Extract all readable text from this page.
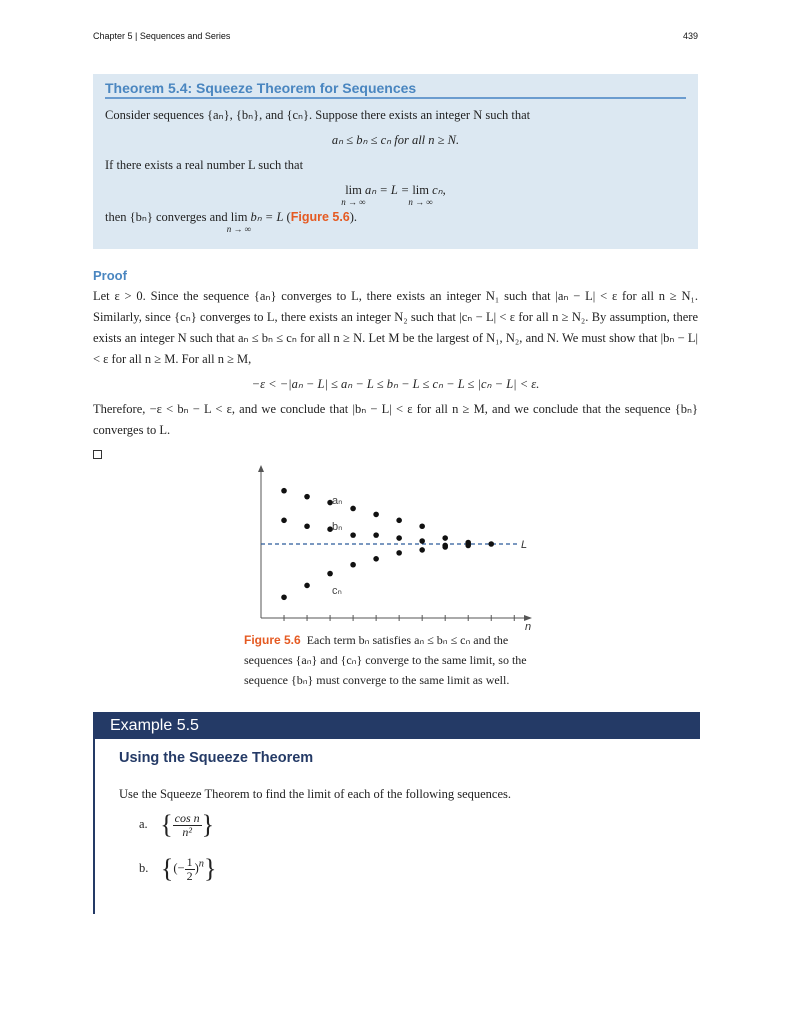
Chapter 5 | Sequences and Series	439
Theorem 5.4: Squeeze Theorem for Sequences
Consider sequences {aₙ}, {bₙ}, and {cₙ}. Suppose there exists an integer N such that
aₙ ≤ bₙ ≤ cₙ for all n ≥ N.
If there exists a real number L such that
lim
n → ∞
aₙ = L = lim
n → ∞
cₙ,
then {bₙ} converges and lim
n → ∞
bₙ = L (Figure 5.6).
Proof
Let ε > 0. Since the sequence {aₙ} converges to L, there exists an integer N₁ such that |aₙ − L| < ε for all n ≥ N₁. Similarly, since {cₙ} converges to L, there exists an integer N₂ such that |cₙ − L| < ε for all n ≥ N₂. By assumption, there exists an integer N such that aₙ ≤ bₙ ≤ cₙ for all n ≥ N. Let M be the largest of N₁, N₂, and N. We must show that |bₙ − L| < ε for all n ≥ M. For all n ≥ M,
−ε < −|aₙ − L| ≤ aₙ − L ≤ bₙ − L ≤ cₙ − L ≤ |cₙ − L| < ε.
Therefore, −ε < bₙ − L < ε, and we conclude that |bₙ − L| < ε for all n ≥ M, and we conclude that the sequence {bₙ} converges to L.
n
L
aₙ
bₙ
cₙ
Figure 5.6 Each term bₙ satisfies aₙ ≤ bₙ ≤ cₙ and the sequences {aₙ} and {cₙ} converge to the same limit, so the sequence {bₙ} must converge to the same limit as well.
Example 5.5
Using the Squeeze Theorem
Use the Squeeze Theorem to find the limit of each of the following sequences.
a. { $\frac{\text{cos n}}{\text{n²}}$ }
b. {(− $\frac{1}{2} )^n$}
